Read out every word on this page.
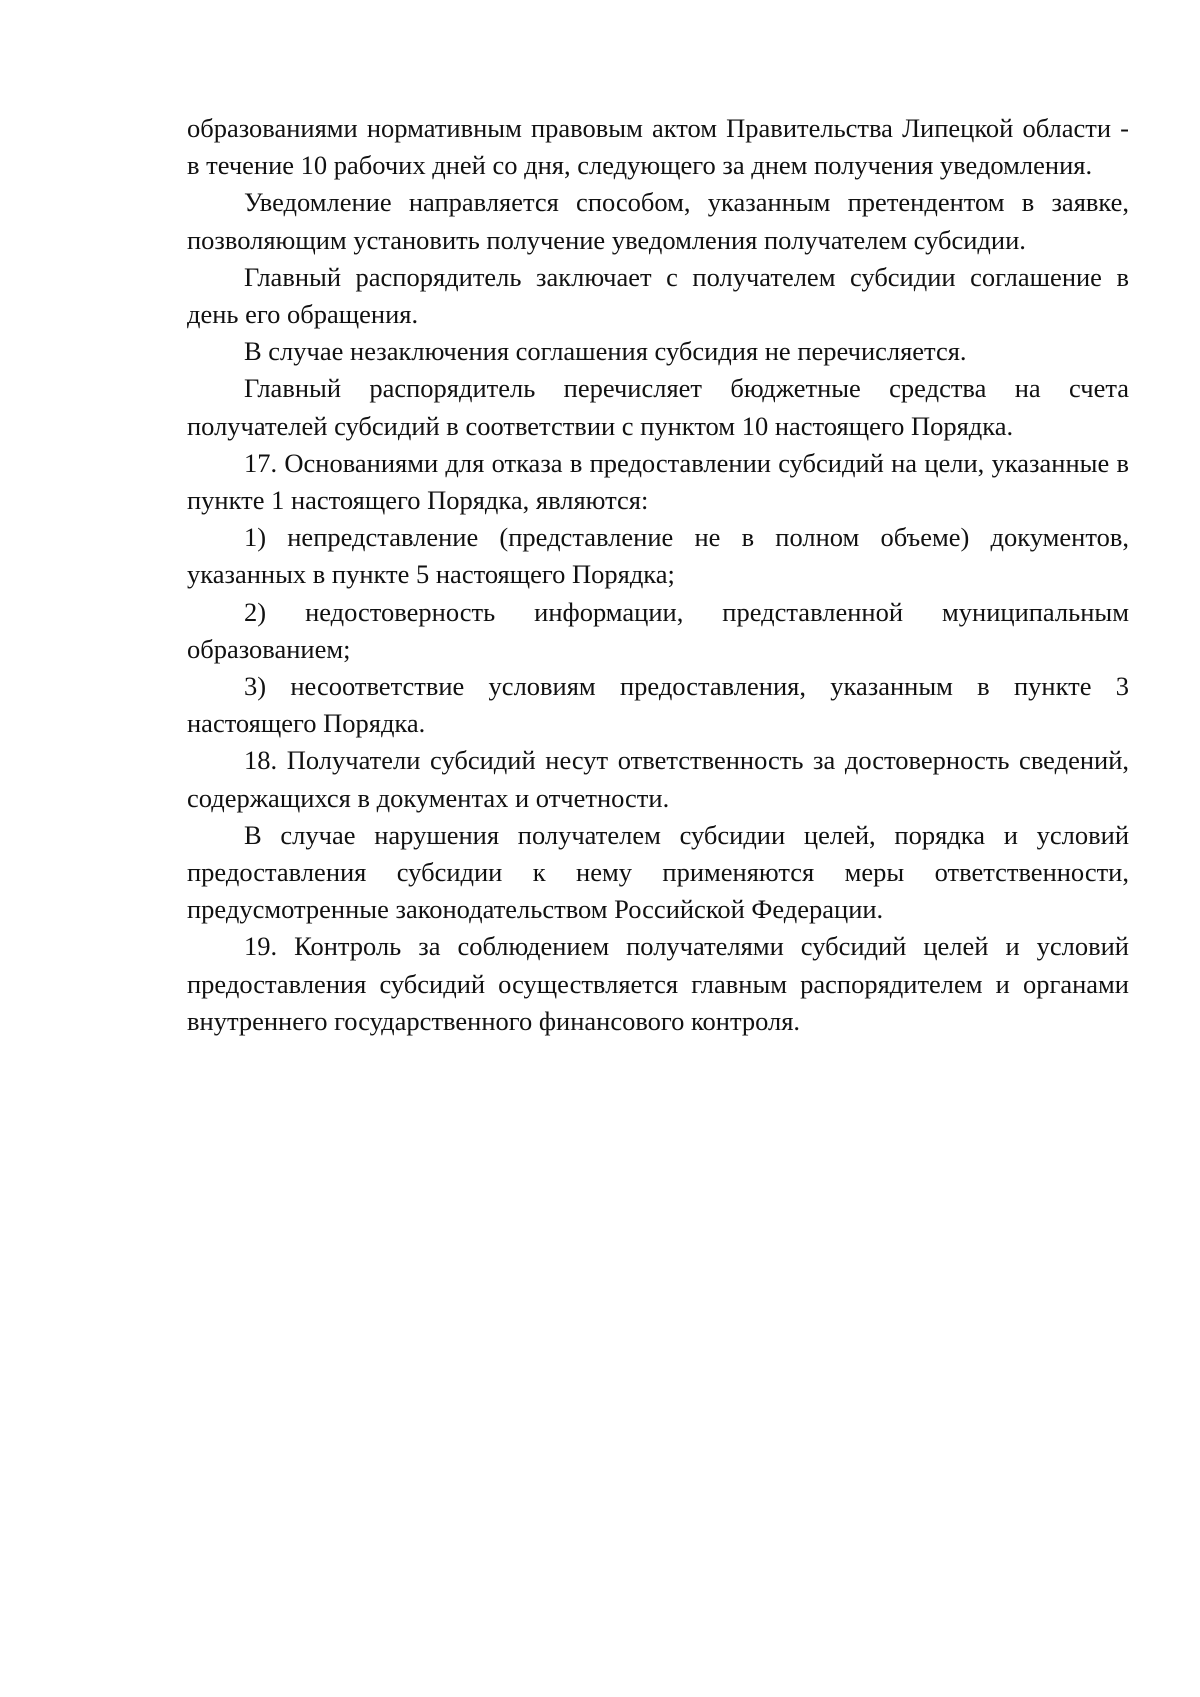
образованиями нормативным правовым актом Правительства Липецкой области - в течение 10 рабочих дней со дня, следующего за днем получения уведомления.

Уведомление направляется способом, указанным претендентом в заявке, позволяющим установить получение уведомления получателем субсидии.

Главный распорядитель заключает с получателем субсидии соглашение в день его обращения.

В случае незаключения соглашения субсидия не перечисляется.

Главный распорядитель перечисляет бюджетные средства на счета получателей субсидий в соответствии с пунктом 10 настоящего Порядка.

17. Основаниями для отказа в предоставлении субсидий на цели, указанные в пункте 1 настоящего Порядка, являются:

1) непредставление (представление не в полном объеме) документов, указанных в пункте 5 настоящего Порядка;

2) недостоверность информации, представленной муниципальным образованием;

3) несоответствие условиям предоставления, указанным в пункте 3 настоящего Порядка.

18. Получатели субсидий несут ответственность за достоверность сведений, содержащихся в документах и отчетности.

В случае нарушения получателем субсидии целей, порядка и условий предоставления субсидии к нему применяются меры ответственности, предусмотренные законодательством Российской Федерации.

19. Контроль за соблюдением получателями субсидий целей и условий предоставления субсидий осуществляется главным распорядителем и органами внутреннего государственного финансового контроля.
